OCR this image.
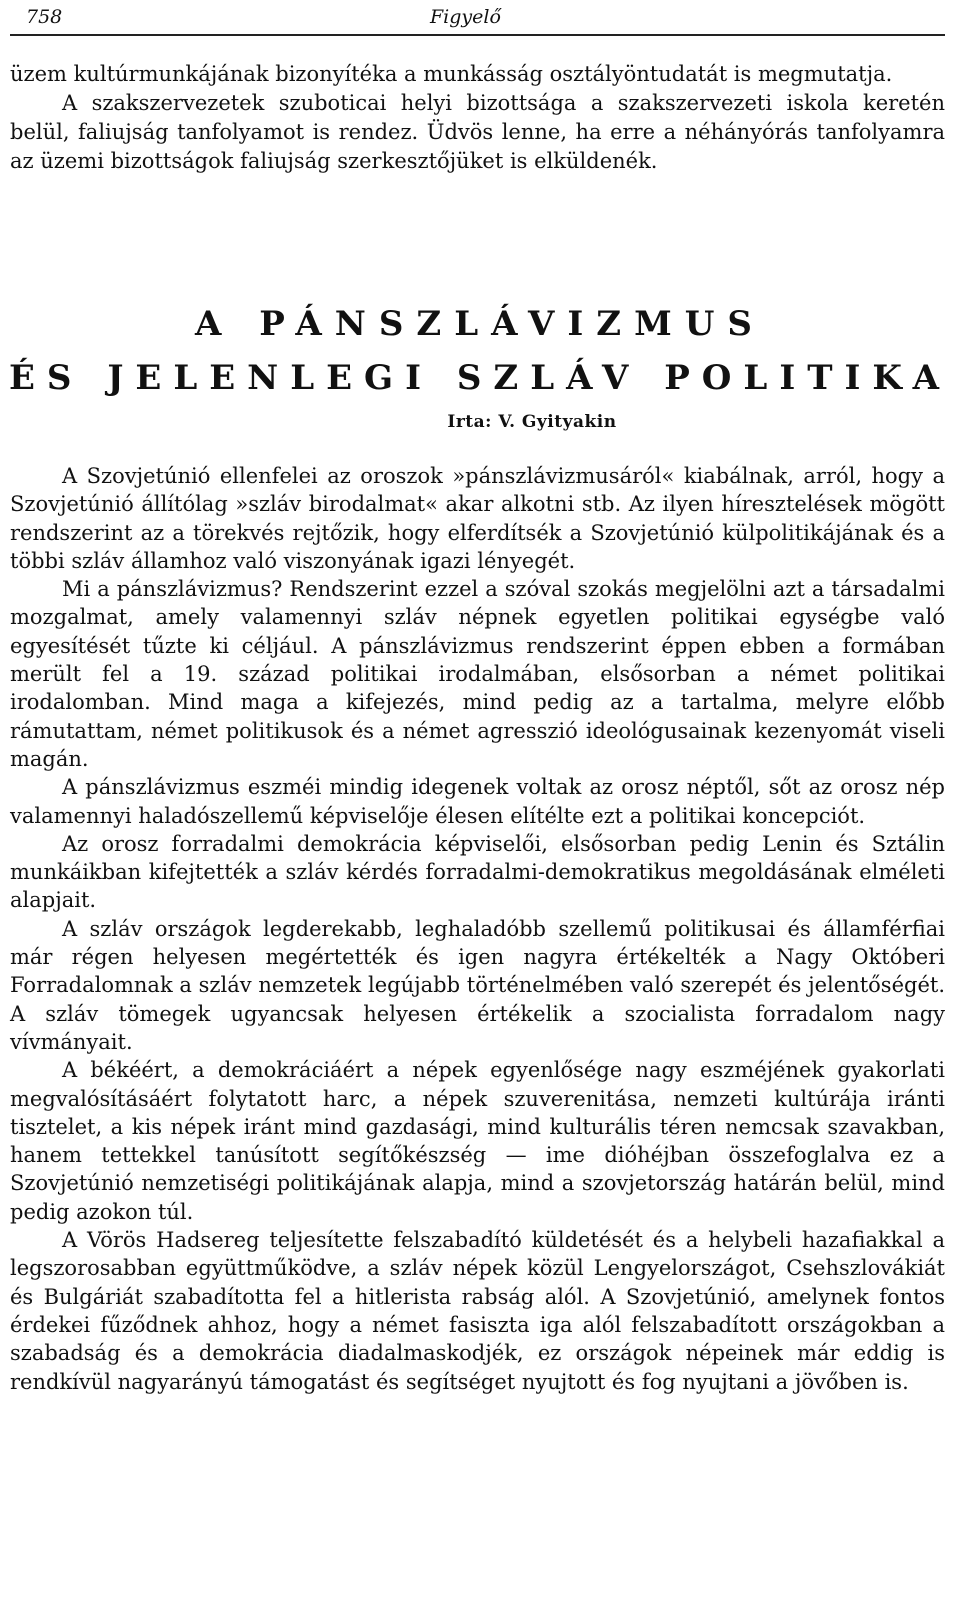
758	Figyelő

üzem kultúrmunkájának bizonyítéka a munkásság osztályöntudatát is megmutatja.

A szakszervezetek szuboticai helyi bizottsága a szakszervezeti iskola keretén belül, faliujság tanfolyamot is rendez. Üdvös lenne, ha erre a néhányórás tanfolyamra az üzemi bizottságok faliujság szerkesztőjüket is elküldenék.

A PÁNSZLÁVIZMUS
ÉS JELENLEGI SZLÁV POLITIKA
Irta: V. Gyityakin

A Szovjetúnió ellenfelei az oroszok »pánszlávizmusáról« kiabálnak, arról, hogy a Szovjetúnió állítólag »szláv birodalmat« akar alkotni stb. Az ilyen híresztelések mögött rendszerint az a törekvés rejtőzik, hogy elferdítsék a Szovjetúnió külpolitikájának és a többi szláv államhoz való viszonyának igazi lényegét.

Mi a pánszlávizmus? Rendszerint ezzel a szóval szokás megjelölni azt a társadalmi mozgalmat, amely valamennyi szláv népnek egyetlen politikai egységbe való egyesítését tűzte ki céljául. A pánszlávizmus rendszerint éppen ebben a formában merült fel a 19. század politikai irodalmában, elsősorban a német politikai irodalomban. Mind maga a kifejezés, mind pedig az a tartalma, melyre előbb rámutattam, német politikusok és a német agresszió ideológusainak kezenyomát viseli magán.

A pánszlávizmus eszméi mindig idegenek voltak az orosz néptől, sőt az orosz nép valamennyi haladószellemű képviselője élesen elítélte ezt a politikai koncepciót.

Az orosz forradalmi demokrácia képviselői, elsősorban pedig Lenin és Sztálin munkáikban kifejtették a szláv kérdés forradalmi-demokratikus megoldásának elméleti alapjait.

A szláv országok legderekabb, leghaladóbb szellemű politikusai és államférfiai már régen helyesen megértették és igen nagyra értékelték a Nagy Októberi Forradalomnak a szláv nemzetek legújabb történelmében való szerepét és jelentőségét. A szláv tömegek ugyancsak helyesen értékelik a szocialista forradalom nagy vívmányait.

A békéért, a demokráciáért a népek egyenlősége nagy eszméjének gyakorlati megvalósításáért folytatott harc, a népek szuverenitása, nemzeti kultúrája iránti tisztelet, a kis népek iránt mind gazdasági, mind kulturális téren nemcsak szavakban, hanem tettekkel tanúsított segítőkészség — ime dióhéjban összefoglalva ez a Szovjetúnió nemzetiségi politikájának alapja, mind a szovjetország határán belül, mind pedig azokon túl.

A Vörös Hadsereg teljesítette felszabadító küldetését és a helybeli hazafiakkal a legszorosabban együttműködve, a szláv népek közül Lengyelországot, Csehszlovákiát és Bulgáriát szabadította fel a hitlerista rabság alól. A Szovjetúnió, amelynek fontos érdekei fűződnek ahhoz, hogy a német fasiszta iga alól felszabadított országokban a szabadság és a demokrácia diadalmaskodjék, ez országok népeinek már eddig is rendkívül nagyarányú támogatást és segítséget nyujtott és fog nyujtani a jövőben is.
